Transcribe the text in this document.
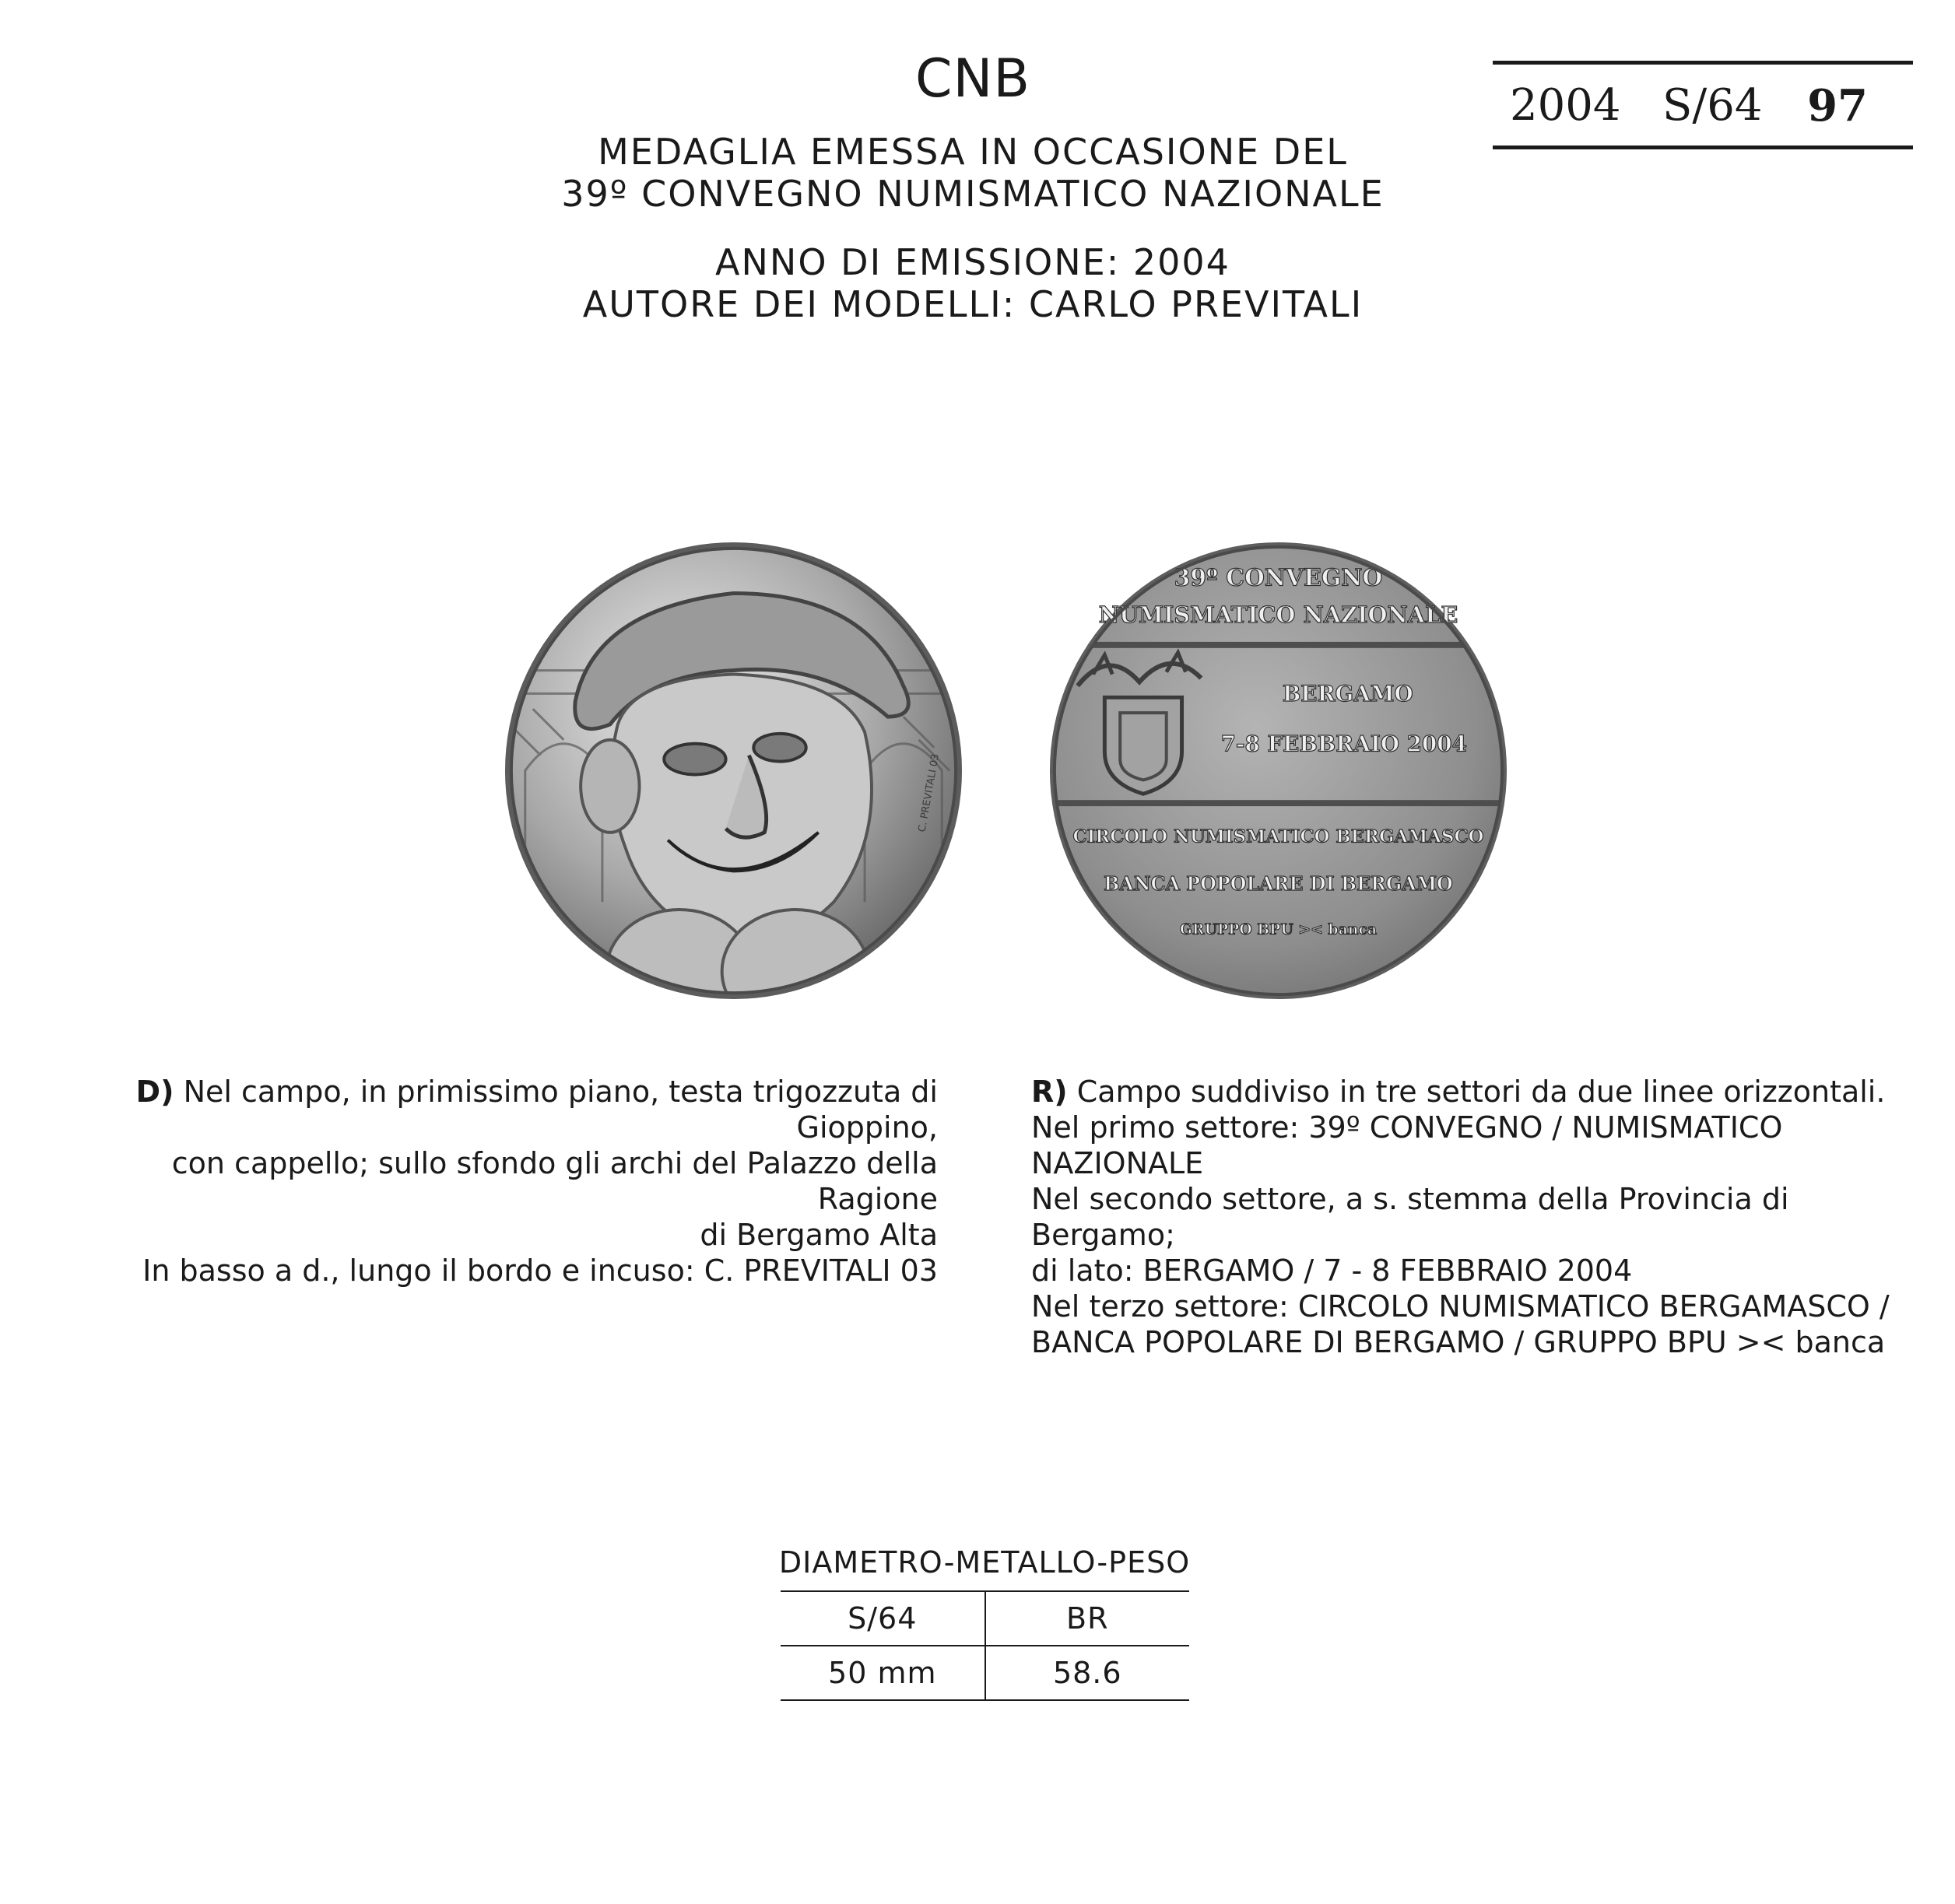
CNB
MEDAGLIA EMESSA IN OCCASIONE DEL
39º CONVEGNO NUMISMATICO NAZIONALE
ANNO DI EMISSIONE: 2004
AUTORE DEI MODELLI: CARLO PREVITALI
2004 S/64 97
C. PREVITALI 03
39º CONVEGNO
NUMISMATICO NAZIONALE
BERGAMO
7-8 FEBBRAIO 2004
CIRCOLO NUMISMATICO BERGAMASCO
BANCA POPOLARE DI BERGAMO
GRUPPO BPU >< banca
D) Nel campo, in primissimo piano, testa trigozzuta di Gioppino,
con cappello; sullo sfondo gli archi del Palazzo della Ragione
di Bergamo Alta
In basso a d., lungo il bordo e incuso: C. PREVITALI 03
R) Campo suddiviso in tre settori da due linee orizzontali.
Nel primo settore: 39º CONVEGNO / NUMISMATICO
NAZIONALE
Nel secondo settore, a s. stemma della Provincia di Bergamo;
di lato: BERGAMO / 7 - 8 FEBBRAIO 2004
Nel terzo settore: CIRCOLO NUMISMATICO BERGAMASCO /
BANCA POPOLARE DI BERGAMO / GRUPPO BPU >< banca
DIAMETRO-METALLO-PESO
S/64	BR
50 mm	58.6
